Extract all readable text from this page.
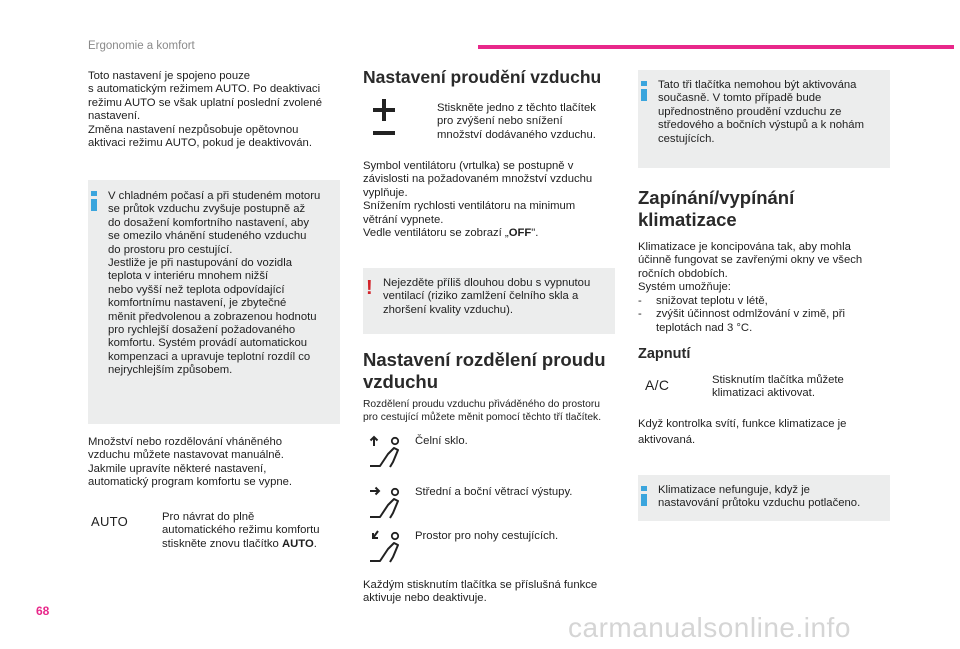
Ergonomie a komfort
Toto nastavení je spojeno pouze
s automatickým režimem AUTO. Po deaktivaci
režimu AUTO se však uplatní poslední zvolené
nastavení.
Změna nastavení nezpůsobuje opětovnou
aktivaci režimu AUTO, pokud je deaktivován.
V chladném počasí a při studeném motoru
se průtok vzduchu zvyšuje postupně až
do dosažení komfortního nastavení, aby
se omezilo vhánění studeného vzduchu
do prostoru pro cestující.
Jestliže je při nastupování do vozidla
teplota v interiéru mnohem nižší
nebo vyšší než teplota odpovídající
komfortnímu nastavení, je zbytečné
měnit předvolenou a zobrazenou hodnotu
pro rychlejší dosažení požadovaného
komfortu. Systém provádí automatickou
kompenzaci a upravuje teplotní rozdíl co
nejrychlejším způsobem.
Množství nebo rozdělování vháněného
vzduchu můžete nastavovat manuálně.
Jakmile upravíte některé nastavení,
automatický program komfortu se vypne.
AUTO	Pro návrat do plně
automatického režimu komfortu
stiskněte znovu tlačítko AUTO.
Nastavení proudění vzduchu
Stiskněte jedno z těchto tlačítek
pro zvýšení nebo snížení
množství dodávaného vzduchu.
Symbol ventilátoru (vrtulka) se postupně v
závislosti na požadovaném množství vzduchu
vyplňuje.
Snížením rychlosti ventilátoru na minimum
větrání vypnete.
Vedle ventilátoru se zobrazí „OFF".
! Nejezděte příliš dlouhou dobu s vypnutou
ventilací (riziko zamlžení čelního skla a
zhoršení kvality vzduchu).
Nastavení rozdělení proudu
vzduchu
Rozdělení proudu vzduchu přiváděného do prostoru
pro cestující můžete měnit pomocí těchto tří tlačítek.
Čelní sklo.
Střední a boční větrací výstupy.
Prostor pro nohy cestujících.
Každým stisknutím tlačítka se příslušná funkce
aktivuje nebo deaktivuje.
Tato tři tlačítka nemohou být aktivována
současně. V tomto případě bude
upřednostněno proudění vzduchu ze
středového a bočních výstupů a k nohám
cestujících.
Zapínání/vypínání
klimatizace
Klimatizace je koncipována tak, aby mohla
účinně fungovat se zavřenými okny ve všech
ročních obdobích.
Systém umožňuje:
- snižovat teplotu v létě,
- zvýšit účinnost odmlžování v zimě, při
teplotách nad 3 °C.
Zapnutí
A/C	Stisknutím tlačítka můžete
klimatizaci aktivovat.
Když kontrolka svítí, funkce klimatizace je
aktivovaná.
Klimatizace nefunguje, když je
nastavování průtoku vzduchu potlačeno.
68
carmanualsonline.info
